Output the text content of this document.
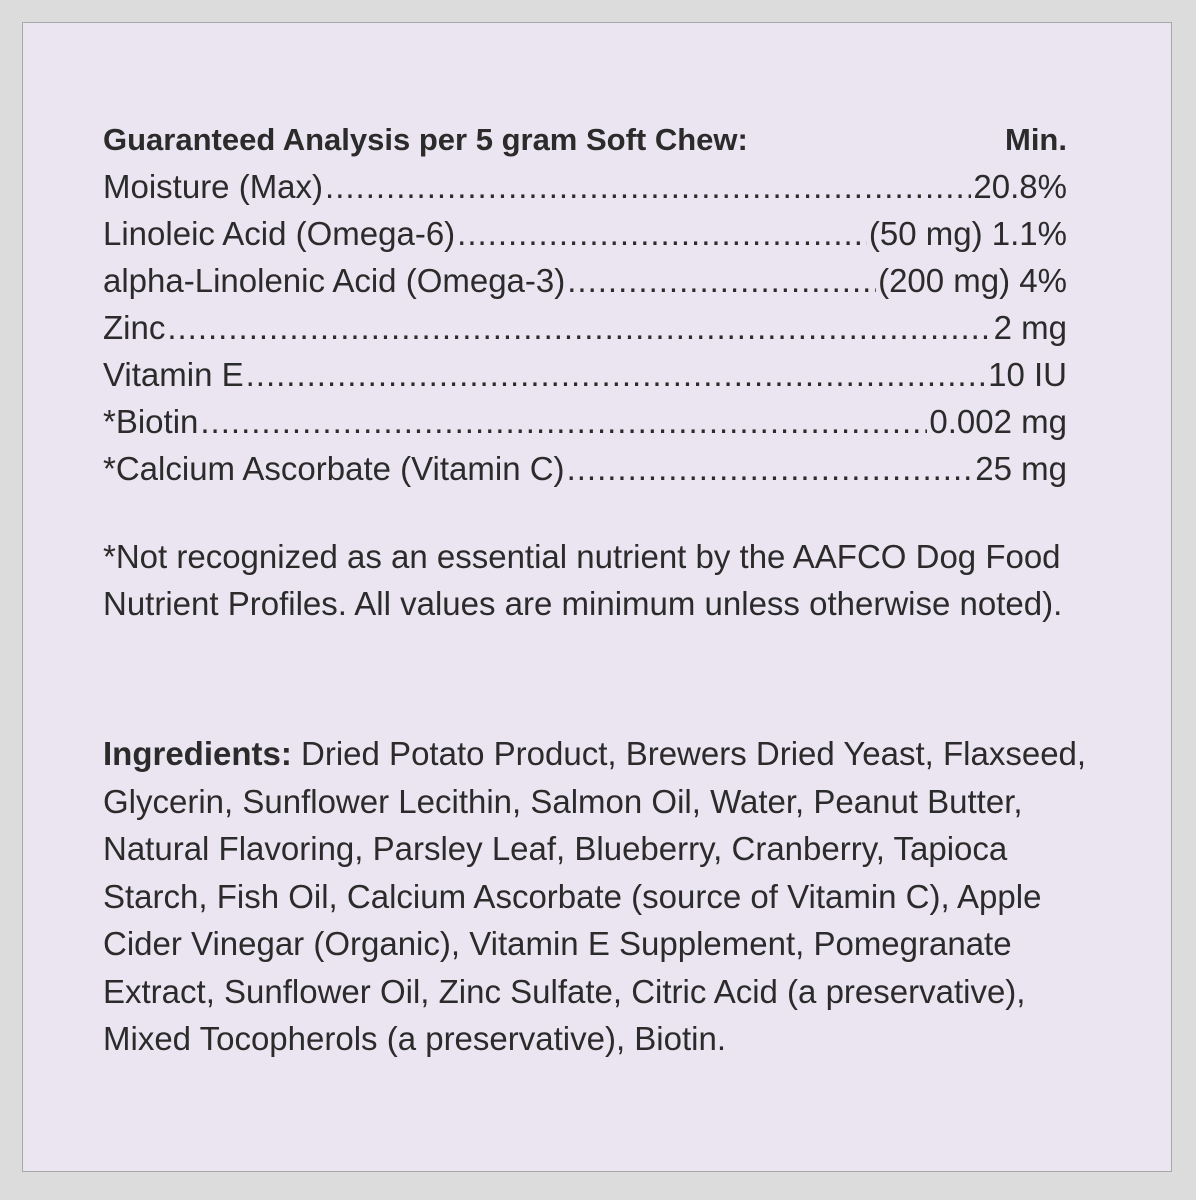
Guaranteed Analysis per 5 gram Soft Chew:	Min.
Moisture (Max) .....	20.8%
Linoleic Acid (Omega-6) .....	(50 mg) 1.1%
alpha-Linolenic Acid (Omega-3) .....	(200 mg) 4%
Zinc .....	2 mg
Vitamin E .....	10 IU
*Biotin .....	0.002 mg
*Calcium Ascorbate (Vitamin C) .....	25 mg

*Not recognized as an essential nutrient by the AAFCO Dog Food Nutrient Profiles. All values are minimum unless otherwise noted).

Ingredients: Dried Potato Product, Brewers Dried Yeast, Flaxseed, Glycerin, Sunflower Lecithin, Salmon Oil, Water, Peanut Butter, Natural Flavoring, Parsley Leaf, Blueberry, Cranberry, Tapioca Starch, Fish Oil, Calcium Ascorbate (source of Vitamin C), Apple Cider Vinegar (Organic), Vitamin E Supplement, Pomegranate Extract, Sunflower Oil, Zinc Sulfate, Citric Acid (a preservative), Mixed Tocopherols (a preservative), Biotin.
